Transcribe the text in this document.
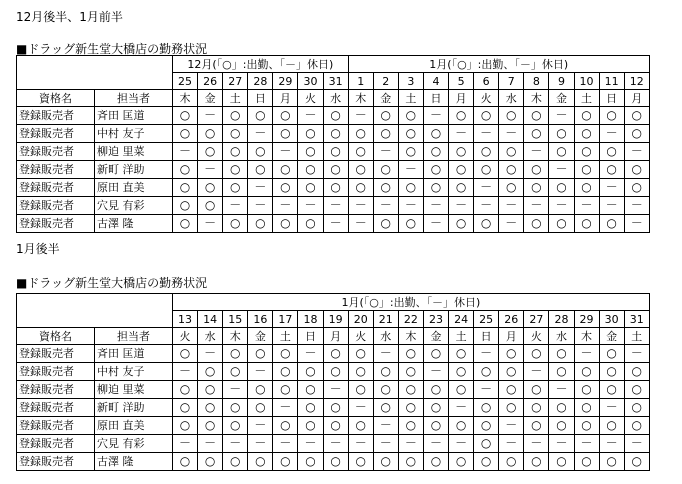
12月後半、1月前半
■ドラッグ新生堂大橋店の勤務状況
		12月(「○」:出勤、「－」休日)							1月(「○」:出勤、「－」休日)											
		25	26	27	28	29	30	31	1	2	3	4	5	6	7	8	9	10	11	12
資格名	担当者	木	金	土	日	月	火	水	木	金	土	日	月	火	水	木	金	土	日	月
登録販売者	斉田 匡道	○	－	○	○	○	－	○	－	○	○	－	○	○	○	○	－	○	○	○
登録販売者	中村 友子	○	○	○	－	○	○	○	○	○	○	○	－	－	－	○	○	○	－	○
登録販売者	柳迫 里菜	－	○	○	○	－	○	○	○	－	○	○	○	○	○	－	○	○	○	－
登録販売者	新町 洋助	○	－	○	○	○	○	○	○	○	－	○	○	○	○	○	－	○	○	○
登録販売者	原田 直美	○	○	○	－	○	○	○	○	○	○	○	○	－	○	○	○	○	－	○
登録販売者	穴見 有彩	○	○	－	－	－	－	－	－	－	－	－	－	－	－	－	－	－	－	－
登録販売者	古澤 隆	○	－	○	○	○	○	－	－	○	○	－	○	○	－	○	○	○	○	－
1月後半
■ドラッグ新生堂大橋店の勤務状況
		1月(「○」:出勤、「－」休日)																		
		13	14	15	16	17	18	19	20	21	22	23	24	25	26	27	28	29	30	31
資格名	担当者	火	水	木	金	土	日	月	火	水	木	金	土	日	月	火	水	木	金	土
登録販売者	斉田 匡道	○	－	○	○	○	－	○	○	－	○	○	○	－	○	○	○	－	○	－
登録販売者	中村 友子	－	○	○	－	○	○	○	○	○	○	－	○	○	○	－	○	○	○	○
登録販売者	柳迫 里菜	○	○	－	○	○	○	－	○	○	○	○	○	－	○	○	－	○	○	○
登録販売者	新町 洋助	○	○	○	○	－	○	○	－	○	○	○	－	○	○	○	○	○	－	○
登録販売者	原田 直美	○	○	○	－	○	○	○	○	－	○	○	○	○	－	○	○	○	○	○
登録販売者	穴見 有彩	－	－	－	－	－	－	－	－	－	－	－	－	○	－	－	－	－	－	－
登録販売者	古澤 隆	○	○	○	○	○	○	○	○	○	○	○	○	○	○	○	○	○	○	○
